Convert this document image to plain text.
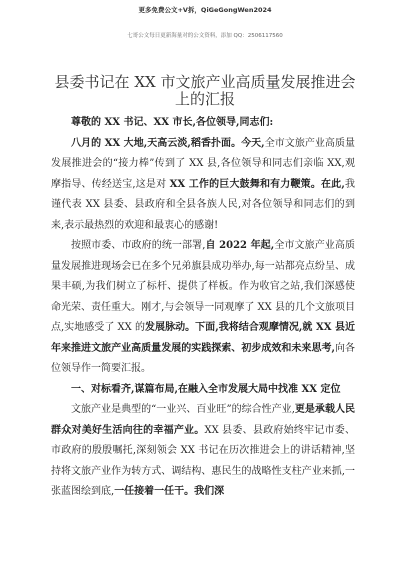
更多免费公文+V拆，QiGeGongWen2024
七哥公文每日更新海量对的公文资料，添加 QQ：2506117560
县委书记在 XX 市文旅产业高质量发展推进会上的汇报

尊敬的 XX 书记、XX 市长,各位领导,同志们:

八月的 XX 大地,天高云淡,稻香扑面。今天,全市文旅产业高质量发展推进会的“接力棒”传到了 XX 县,各位领导和同志们亲临 XX,观摩指导、传经送宝,这是对 XX 工作的巨大鼓舞和有力鞭策。在此,我谨代表 XX 县委、县政府和全县各族人民,对各位领导和同志们的到来,表示最热烈的欢迎和最衷心的感谢!

按照市委、市政府的统一部署,自 2022 年起,全市文旅产业高质量发展推进现场会已在多个兄弟旗县成功举办,每一站都亮点纷呈、成果丰硕,为我们树立了标杆、提供了样板。作为收官之站,我们深感使命光荣、责任重大。刚才,与会领导一同观摩了 XX 县的几个文旅项目点,实地感受了 XX 的发展脉动。下面,我将结合观摩情况,就 XX 县近年来推进文旅产业高质量发展的实践探索、初步成效和未来思考,向各位领导作一简要汇报。

一、对标看齐,谋篇布局,在融入全市发展大局中找准 XX 定位

文旅产业是典型的“一业兴、百业旺”的综合性产业,更是承载人民群众对美好生活向往的幸福产业。XX 县委、县政府始终牢记市委、市政府的殷殷嘱托,深刻领会 XX 书记在历次推进会上的讲话精神,坚持将文旅产业作为转方式、调结构、惠民生的战略性支柱产业来抓,一张蓝图绘到底,一任接着一任干。我们深
